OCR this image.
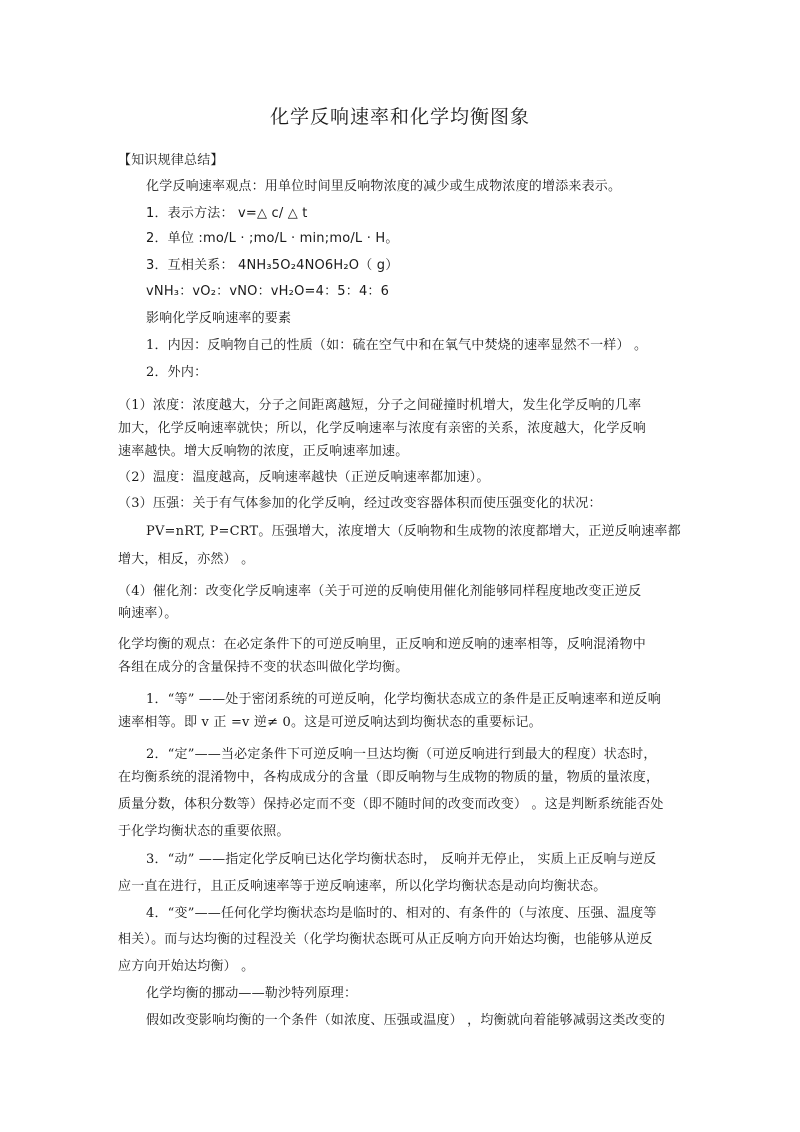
化学反响速率和化学均衡图象
【知识规律总结】
化学反响速率观点：用单位时间里反响物浓度的减少或生成物浓度的增添来表示。
1．表示方法： v=△ c/ △ t
2．单位 :mo/L · ;mo/L · min;mo/L · H。
3．互相关系： 4NH₃5O₂4NO6H₂O（ g）
vNH₃：vO₂：vNO：vH₂O=4：5：4：6
影响化学反响速率的要素
1．内因：反响物自己的性质（如：硫在空气中和在氧气中焚烧的速率显然不一样） 。
2．外内：
（1）浓度：浓度越大，分子之间距离越短，分子之间碰撞时机增大，发生化学反响的几率
加大，化学反响速率就快；所以，化学反响速率与浓度有亲密的关系，浓度越大，化学反响
速率越快。增大反响物的浓度，正反响速率加速。
（2）温度：温度越高，反响速率越快（正逆反响速率都加速）。
（3）压强：关于有气体参加的化学反响，经过改变容器体积而使压强变化的状况：
PV=nRT, P=CRT。压强增大，浓度增大（反响物和生成物的浓度都增大，正逆反响速率都
增大，相反，亦然） 。
（4）催化剂：改变化学反响速率（关于可逆的反响使用催化剂能够同样程度地改变正逆反
响速率）。
化学均衡的观点：在必定条件下的可逆反响里，正反响和逆反响的速率相等，反响混淆物中
各组在成分的含量保持不变的状态叫做化学均衡。
1．“等” ——处于密闭系统的可逆反响，化学均衡状态成立的条件是正反响速率和逆反响
速率相等。即 v 正 =v 逆≠ 0。这是可逆反响达到均衡状态的重要标记。
2．“定”——当必定条件下可逆反响一旦达均衡（可逆反响进行到最大的程度）状态时，
在均衡系统的混淆物中，各构成成分的含量（即反响物与生成物的物质的量，物质的量浓度，
质量分数，体积分数等）保持必定而不变（即不随时间的改变而改变） 。这是判断系统能否处
于化学均衡状态的重要依照。
3．“动” ——指定化学反响已达化学均衡状态时， 反响并无停止， 实质上正反响与逆反
应一直在进行，且正反响速率等于逆反响速率，所以化学均衡状态是动向均衡状态。
4．“变”——任何化学均衡状态均是临时的、相对的、有条件的（与浓度、压强、温度等
相关）。而与达均衡的过程没关（化学均衡状态既可从正反响方向开始达均衡，也能够从逆反
应方向开始达均衡） 。
化学均衡的挪动——勒沙特列原理：
假如改变影响均衡的一个条件（如浓度、压强或温度） ，均衡就向着能够减弱这类改变的
